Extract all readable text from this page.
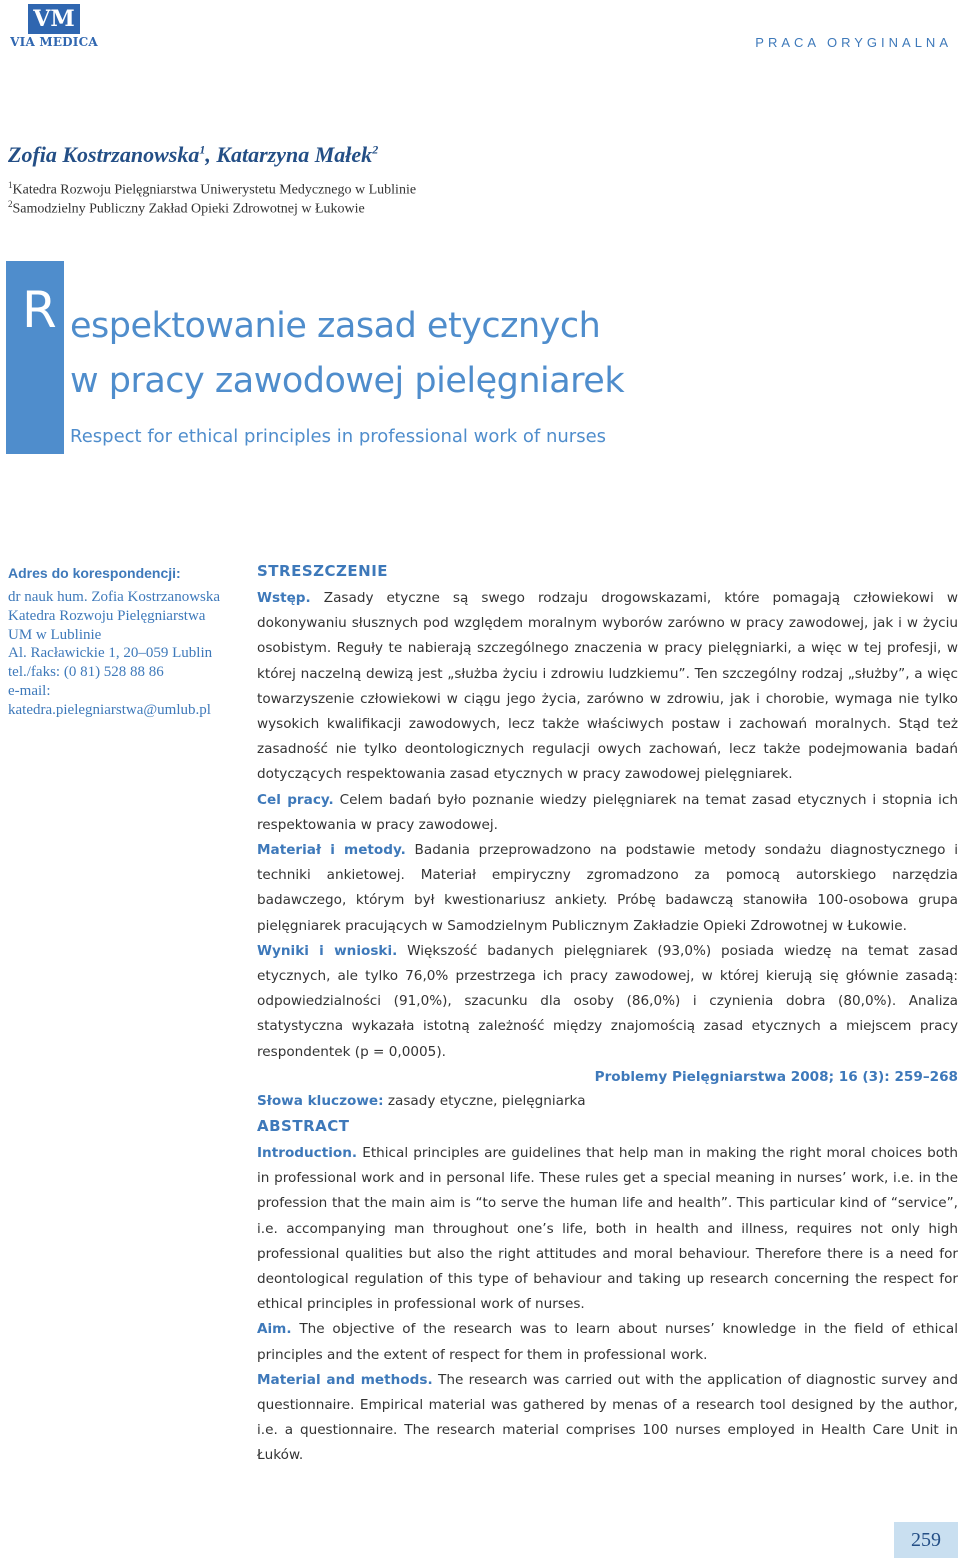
VM
VIA MEDICA	PRACA ORYGINALNA
Zofia Kostrzanowska$^1$, Katarzyna Małek$^2$
$^1$Katedra Rozwoju Pielęgniarstwa Uniwerystetu Medycznego w Lublinie
$^2$Samodzielny Publiczny Zakład Opieki Zdrowotnej w Łukowie
R espektowanie zasad etycznych
w pracy zawodowej pielęgniarek
Respect for ethical principles in professional work of nurses
Adres do korespondencji:
dr nauk hum. Zofia Kostrzanowska
Katedra Rozwoju Pielęgniarstwa
UM w Lublinie
Al. Racławickie 1, 20–059 Lublin
tel./faks: (0 81) 528 88 86
e-mail:
katedra.pielegniarstwa@umlub.pl
STRESZCZENIE

Wstęp. Zasady etyczne są swego rodzaju drogowskazami, które pomagają człowiekowi w dokonywaniu słusznych pod względem moralnym wyborów zarówno w pracy zawodowej, jak i w życiu osobistym. Reguły te nabierają szczególnego znaczenia w pracy pielęgniarki, a więc w tej profesji, w której naczelną dewizą jest „służba życiu i zdrowiu ludzkiemu”. Ten szczególny rodzaj „służby”, a więc towarzyszenie człowiekowi w ciągu jego życia, zarówno w zdrowiu, jak i chorobie, wymaga nie tylko wysokich kwalifikacji zawodowych, lecz także właściwych postaw i zachowań moralnych. Stąd też zasadność nie tylko deontologicznych regulacji owych zachowań, lecz także podejmowania badań dotyczących respektowania zasad etycznych w pracy zawodowej pielęgniarek.

Cel pracy. Celem badań było poznanie wiedzy pielęgniarek na temat zasad etycznych i stopnia ich respektowania w pracy zawodowej.

Materiał i metody. Badania przeprowadzono na podstawie metody sondażu diagnostycznego i techniki ankietowej. Materiał empiryczny zgromadzono za pomocą autorskiego narzędzia badawczego, którym był kwestionariusz ankiety. Próbę badawczą stanowiła 100-osobowa grupa pielęgniarek pracujących w Samodzielnym Publicznym Zakładzie Opieki Zdrowotnej w Łukowie.

Wyniki i wnioski. Większość badanych pielęgniarek (93,0%) posiada wiedzę na temat zasad etycznych, ale tylko 76,0% przestrzega ich pracy zawodowej, w której kierują się głównie zasadą: odpowiedzialności (91,0%), szacunku dla osoby (86,0%) i czynienia dobra (80,0%). Analiza statystyczna wykazała istotną zależność między znajomością zasad etycznych a miejscem pracy respondentek (p = 0,0005).

Problemy Pielęgniarstwa 2008; 16 (3): 259–268

Słowa kluczowe: zasady etyczne, pielęgniarka

ABSTRACT

Introduction. Ethical principles are guidelines that help man in making the right moral choices both in professional work and in personal life. These rules get a special meaning in nurses’ work, i.e. in the profession that the main aim is “to serve the human life and health”. This particular kind of “service”, i.e. accompanying man throughout one’s life, both in health and illness, requires not only high professional qualities but also the right attitudes and moral behaviour. Therefore there is a need for deontological regulation of this type of behaviour and taking up research concerning the respect for ethical principles in professional work of nurses.

Aim. The objective of the research was to learn about nurses’ knowledge in the field of ethical principles and the extent of respect for them in professional work.

Material and methods. The research was carried out with the application of diagnostic survey and questionnaire. Empirical material was gathered by menas of a research tool designed by the author, i.e. a questionnaire. The research material comprises 100 nurses employed in Health Care Unit in Łuków.

259
